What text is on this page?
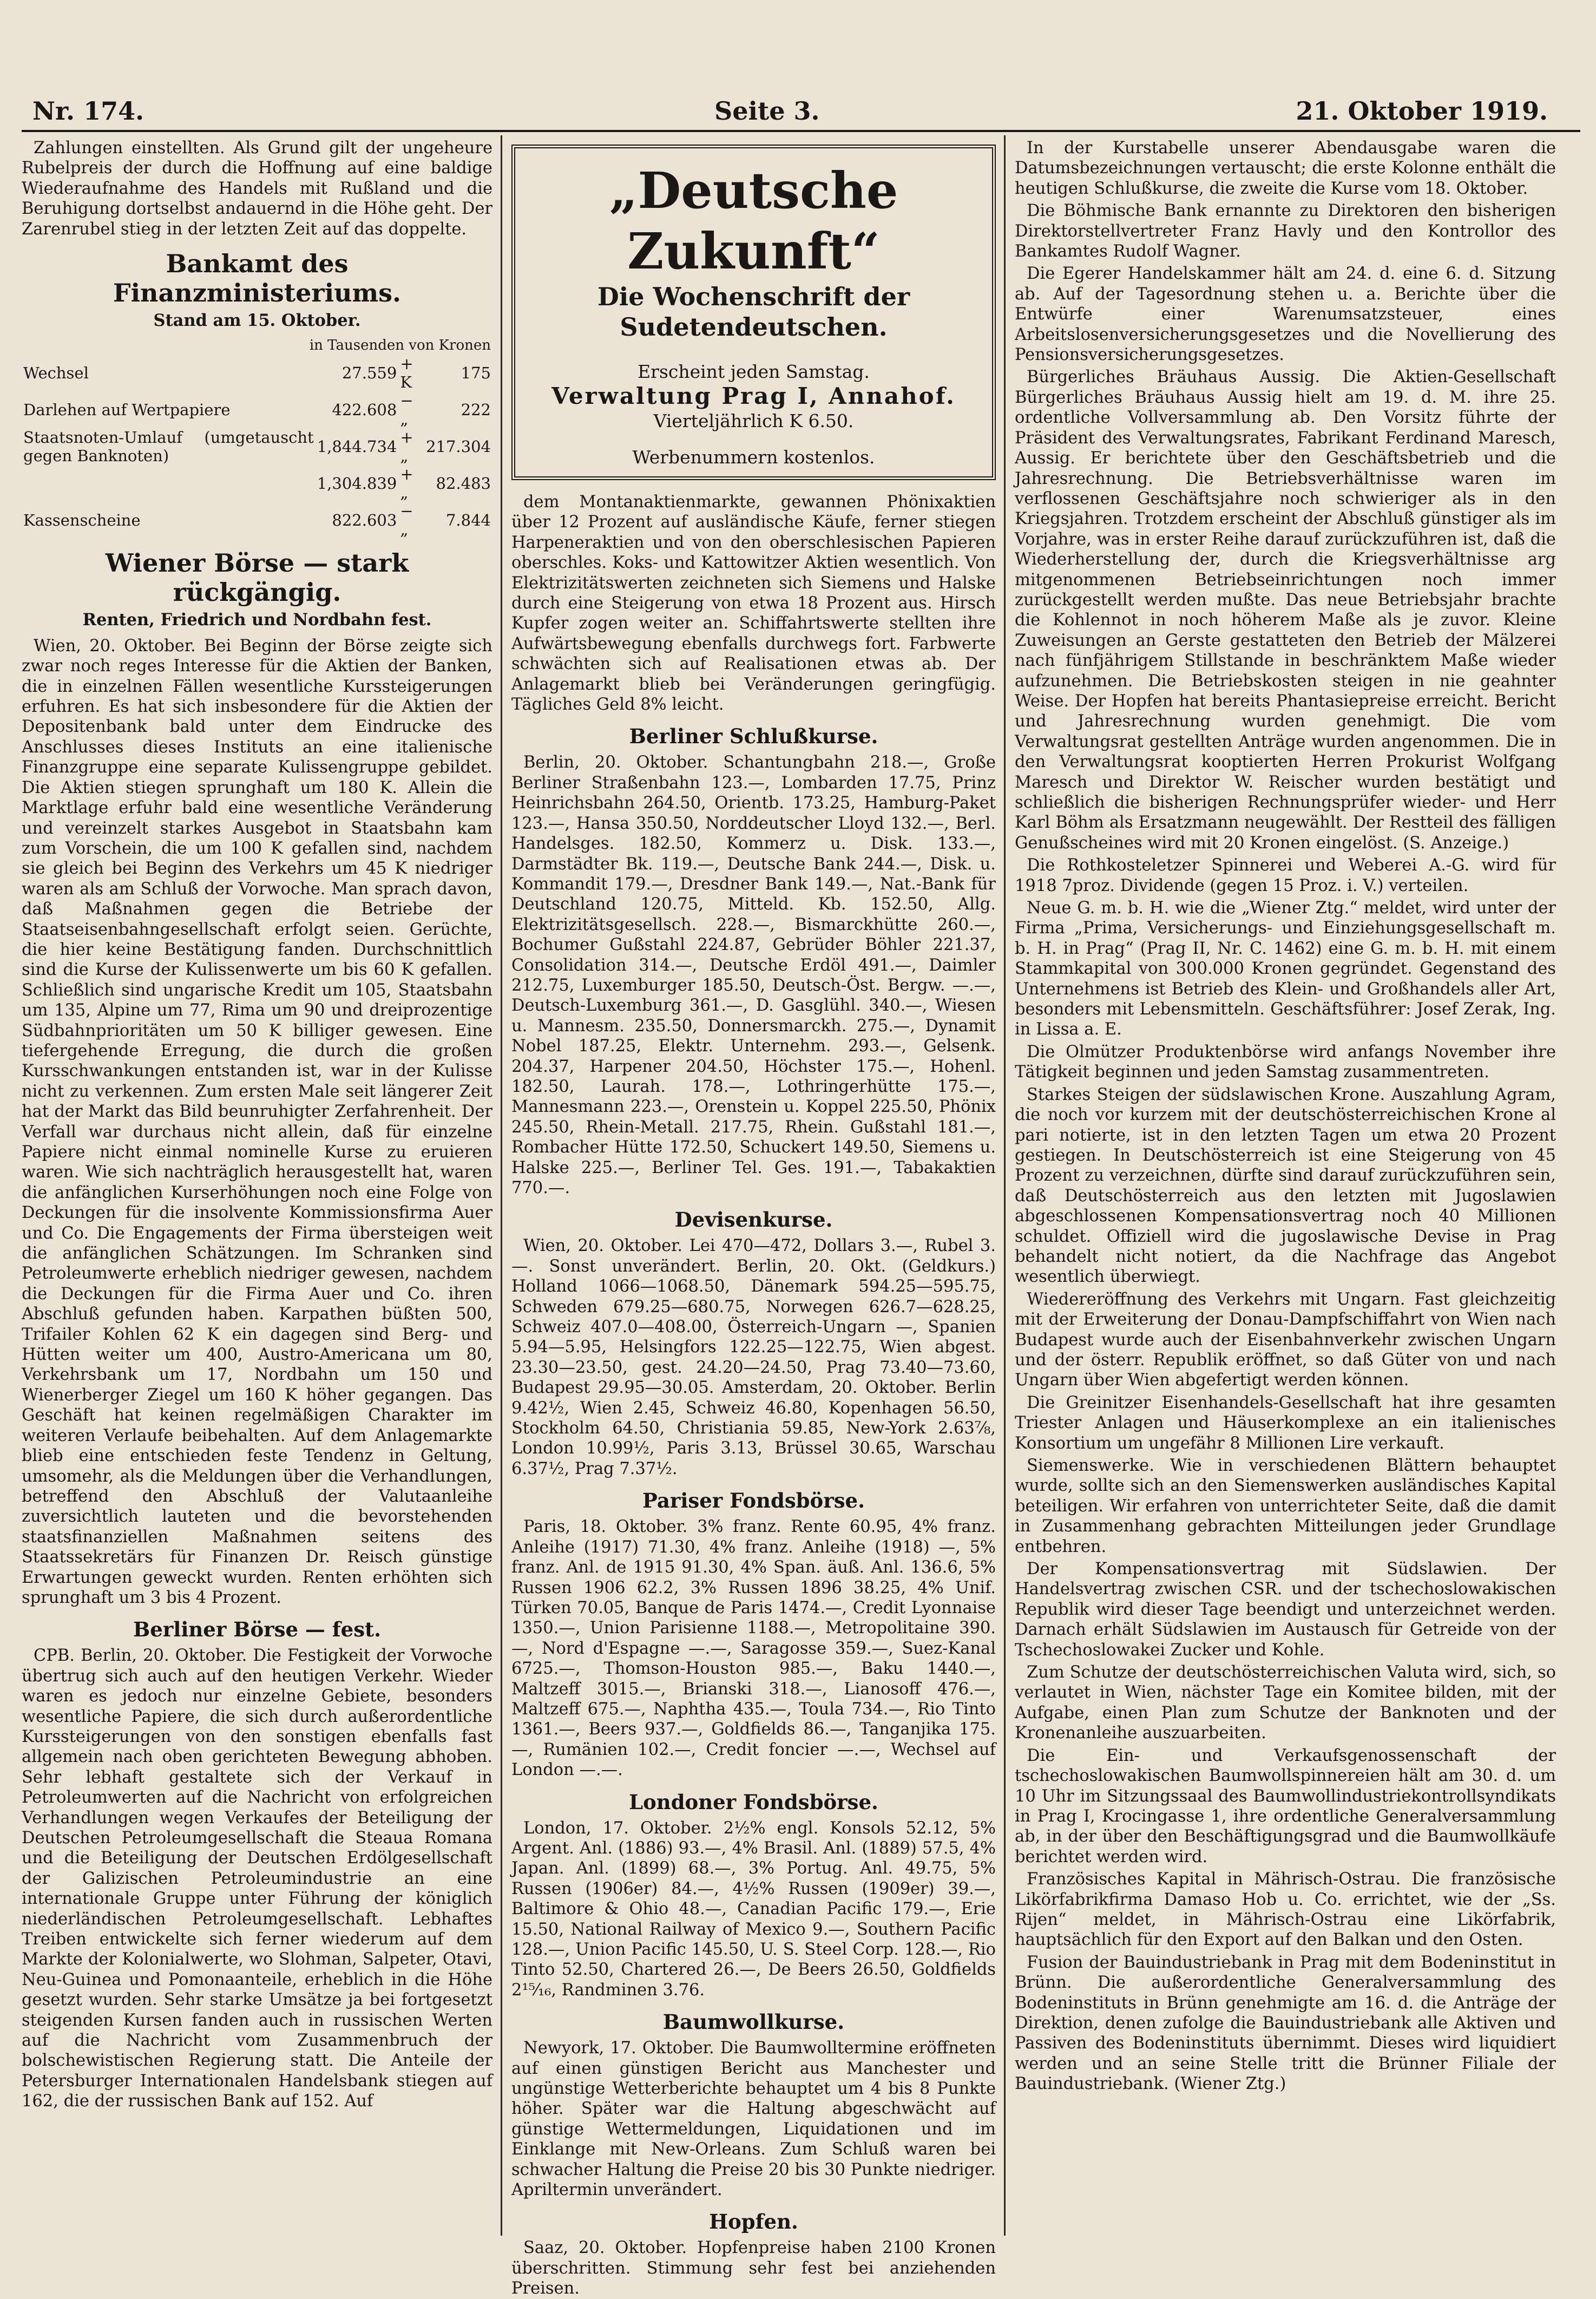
Nr. 174.	Seite 3.	21. Oktober 1919.

Zahlungen einstellten. Als Grund gilt der ungeheure Rubelpreis der durch die Hoffnung auf eine baldige Wiederaufnahme des Handels mit Rußland und die Beruhigung dortselbst andauernd in die Höhe geht. Der Zarenrubel stieg in der letzten Zeit auf das doppelte.

Bankamt des Finanzministeriums.
Stand am 15. Oktober.
in Tausenden von Kronen			
Wechsel	27.559	+ K	175
Darlehen auf Wertpapiere	422.608	− „	222
Staatsnoten-Umlauf (umgetauscht gegen Banknoten)	1,844.734	+ „	217.304
	1,304.839	+ „	82.483
Kassenscheine	822.603	− „	7.844
Wiener Börse — stark rückgängig.
Renten, Friedrich und Nordbahn fest.

Wien, 20. Oktober. Bei Beginn der Börse zeigte sich zwar noch reges Interesse für die Aktien der Banken, die in einzelnen Fällen wesentliche Kurssteigerungen erfuhren. Es hat sich insbesondere für die Aktien der Depositenbank bald unter dem Eindrucke des Anschlusses dieses Instituts an eine italienische Finanzgruppe eine separate Kulissengruppe gebildet. Die Aktien stiegen sprunghaft um 180 K. Allein die Marktlage erfuhr bald eine wesentliche Veränderung und vereinzelt starkes Ausgebot in Staatsbahn kam zum Vorschein, die um 100 K gefallen sind, nachdem sie gleich bei Beginn des Verkehrs um 45 K niedriger waren als am Schluß der Vorwoche. Man sprach davon, daß Maßnahmen gegen die Betriebe der Staatseisenbahngesellschaft erfolgt seien. Gerüchte, die hier keine Bestätigung fanden. Durchschnittlich sind die Kurse der Kulissenwerte um bis 60 K gefallen. Schließlich sind ungarische Kredit um 105, Staatsbahn um 135, Alpine um 77, Rima um 90 und dreiprozentige Südbahnprioritäten um 50 K billiger gewesen. Eine tiefergehende Erregung, die durch die großen Kursschwankungen entstanden ist, war in der Kulisse nicht zu verkennen. Zum ersten Male seit längerer Zeit hat der Markt das Bild beunruhigter Zerfahrenheit. Der Verfall war durchaus nicht allein, daß für einzelne Papiere nicht einmal nominelle Kurse zu eruieren waren. Wie sich nachträglich herausgestellt hat, waren die anfänglichen Kurserhöhungen noch eine Folge von Deckungen für die insolvente Kommissionsfirma Auer und Co. Die Engagements der Firma übersteigen weit die anfänglichen Schätzungen. Im Schranken sind Petroleumwerte erheblich niedriger gewesen, nachdem die Deckungen für die Firma Auer und Co. ihren Abschluß gefunden haben. Karpathen büßten 500, Trifailer Kohlen 62 K ein dagegen sind Berg- und Hütten weiter um 400, Austro-Americana um 80, Verkehrsbank um 17, Nordbahn um 150 und Wienerberger Ziegel um 160 K höher gegangen. Das Geschäft hat keinen regelmäßigen Charakter im weiteren Verlaufe beibehalten. Auf dem Anlagemarkte blieb eine entschieden feste Tendenz in Geltung, umsomehr, als die Meldungen über die Verhandlungen, betreffend den Abschluß der Valutaanleihe zuversichtlich lauteten und die bevorstehenden staatsfinanziellen Maßnahmen seitens des Staatssekretärs für Finanzen Dr. Reisch günstige Erwartungen geweckt wurden. Renten erhöhten sich sprunghaft um 3 bis 4 Prozent.

Berliner Börse — fest.

CPB. Berlin, 20. Oktober. Die Festigkeit der Vorwoche übertrug sich auch auf den heutigen Verkehr. Wieder waren es jedoch nur einzelne Gebiete, besonders wesentliche Papiere, die sich durch außerordentliche Kurssteigerungen von den sonstigen ebenfalls fast allgemein nach oben gerichteten Bewegung abhoben. Sehr lebhaft gestaltete sich der Verkauf in Petroleumwerten auf die Nachricht von erfolgreichen Verhandlungen wegen Verkaufes der Beteiligung der Deutschen Petroleumgesellschaft die Steaua Romana und die Beteiligung der Deutschen Erdölgesellschaft der Galizischen Petroleumindustrie an eine internationale Gruppe unter Führung der königlich niederländischen Petroleumgesellschaft. Lebhaftes Treiben entwickelte sich ferner wiederum auf dem Markte der Kolonialwerte, wo Slohman, Salpeter, Otavi, Neu-Guinea und Pomonaanteile, erheblich in die Höhe gesetzt wurden. Sehr starke Umsätze ja bei fortgesetzt steigenden Kursen fanden auch in russischen Werten auf die Nachricht vom Zusammenbruch der bolschewistischen Regierung statt. Die Anteile der Petersburger Internationalen Handelsbank stiegen auf 162, die der russischen Bank auf 152. Auf

„Deutsche Zukunft“
Die Wochenschrift der Sudetendeutschen.
Erscheint jeden Samstag.
Verwaltung Prag I, Annahof.
Vierteljährlich K 6.50.
Werbenummern kostenlos.

dem Montanaktienmarkte, gewannen Phönixaktien über 12 Prozent auf ausländische Käufe, ferner stiegen Harpeneraktien und von den oberschlesischen Papieren oberschles. Koks- und Kattowitzer Aktien wesentlich. Von Elektrizitätswerten zeichneten sich Siemens und Halske durch eine Steigerung von etwa 18 Prozent aus. Hirsch Kupfer zogen weiter an. Schiffahrtswerte stellten ihre Aufwärtsbewegung ebenfalls durchwegs fort. Farbwerte schwächten sich auf Realisationen etwas ab. Der Anlagemarkt blieb bei Veränderungen geringfügig. Tägliches Geld 8% leicht.

Berliner Schlußkurse.

Berlin, 20. Oktober. Schantungbahn 218.—, Große Berliner Straßenbahn 123.—, Lombarden 17.75, Prinz Heinrichsbahn 264.50, Orientb. 173.25, Hamburg-Paket 123.—, Hansa 350.50, Norddeutscher Lloyd 132.—, Berl. Handelsges. 182.50, Kommerz u. Disk. 133.—, Darmstädter Bk. 119.—, Deutsche Bank 244.—, Disk. u. Kommandit 179.—, Dresdner Bank 149.—, Nat.-Bank für Deutschland 120.75, Mitteld. Kb. 152.50, Allg. Elektrizitätsgesellsch. 228.—, Bismarckhütte 260.—, Bochumer Gußstahl 224.87, Gebrüder Böhler 221.37, Consolidation 314.—, Deutsche Erdöl 491.—, Daimler 212.75, Luxemburger 185.50, Deutsch-Öst. Bergw. —.—, Deutsch-Luxemburg 361.—, D. Gasglühl. 340.—, Wiesen u. Mannesm. 235.50, Donnersmarckh. 275.—, Dynamit Nobel 187.25, Elektr. Unternehm. 293.—, Gelsenk. 204.37, Harpener 204.50, Höchster 175.—, Hohenl. 182.50, Laurah. 178.—, Lothringerhütte 175.—, Mannesmann 223.—, Orenstein u. Koppel 225.50, Phönix 245.50, Rhein-Metall. 217.75, Rhein. Gußstahl 181.—, Rombacher Hütte 172.50, Schuckert 149.50, Siemens u. Halske 225.—, Berliner Tel. Ges. 191.—, Tabakaktien 770.—.

Devisenkurse.

Wien, 20. Oktober. Lei 470—472, Dollars 3.—, Rubel 3.—. Sonst unverändert. Berlin, 20. Okt. (Geldkurs.) Holland 1066—1068.50, Dänemark 594.25—595.75, Schweden 679.25—680.75, Norwegen 626.7—628.25, Schweiz 407.0—408.00, Österreich-Ungarn —, Spanien 5.94—5.95, Helsingfors 122.25—122.75, Wien abgest. 23.30—23.50, gest. 24.20—24.50, Prag 73.40—73.60, Budapest 29.95—30.05. Amsterdam, 20. Oktober. Berlin 9.42½, Wien 2.45, Schweiz 46.80, Kopenhagen 56.50, Stockholm 64.50, Christiania 59.85, New-York 2.63⅞, London 10.99½, Paris 3.13, Brüssel 30.65, Warschau 6.37½, Prag 7.37½.

Pariser Fondsbörse.

Paris, 18. Oktober. 3% franz. Rente 60.95, 4% franz. Anleihe (1917) 71.30, 4% franz. Anleihe (1918) —, 5% franz. Anl. de 1915 91.30, 4% Span. äuß. Anl. 136.6, 5% Russen 1906 62.2, 3% Russen 1896 38.25, 4% Unif. Türken 70.05, Banque de Paris 1474.—, Credit Lyonnaise 1350.—, Union Parisienne 1188.—, Metropolitaine 390.—, Nord d'Espagne —.—, Saragosse 359.—, Suez-Kanal 6725.—, Thomson-Houston 985.—, Baku 1440.—, Maltzeff 3015.—, Brianski 318.—, Lianosoff 476.—, Maltzeff 675.—, Naphtha 435.—, Toula 734.—, Rio Tinto 1361.—, Beers 937.—, Goldfields 86.—, Tanganjika 175.—, Rumänien 102.—, Credit foncier —.—, Wechsel auf London —.—.

Londoner Fondsbörse.

London, 17. Oktober. 2½% engl. Konsols 52.12, 5% Argent. Anl. (1886) 93.—, 4% Brasil. Anl. (1889) 57.5, 4% Japan. Anl. (1899) 68.—, 3% Portug. Anl. 49.75, 5% Russen (1906er) 84.—, 4½% Russen (1909er) 39.—, Baltimore & Ohio 48.—, Canadian Pacific 179.—, Erie 15.50, National Railway of Mexico 9.—, Southern Pacific 128.—, Union Pacific 145.50, U. S. Steel Corp. 128.—, Rio Tinto 52.50, Chartered 26.—, De Beers 26.50, Goldfields 2¹⁵⁄₁₆, Randminen 3.76.

Baumwollkurse.

Newyork, 17. Oktober. Die Baumwolltermine eröffneten auf einen günstigen Bericht aus Manchester und ungünstige Wetterberichte behauptet um 4 bis 8 Punkte höher. Später war die Haltung abgeschwächt auf günstige Wettermeldungen, Liquidationen und im Einklange mit New-Orleans. Zum Schluß waren bei schwacher Haltung die Preise 20 bis 30 Punkte niedriger. Apriltermin unverändert.

Hopfen.

Saaz, 20. Oktober. Hopfenpreise haben 2100 Kronen überschritten. Stimmung sehr fest bei anziehenden Preisen.

In der Kurstabelle unserer Abendausgabe waren die Datumsbezeichnungen vertauscht; die erste Kolonne enthält die heutigen Schlußkurse, die zweite die Kurse vom 18. Oktober.

Die Böhmische Bank ernannte zu Direktoren den bisherigen Direktorstellvertreter Franz Havly und den Kontrollor des Bankamtes Rudolf Wagner.

Die Egerer Handelskammer hält am 24. d. eine 6. d. Sitzung ab. Auf der Tagesordnung stehen u. a. Berichte über die Entwürfe einer Warenumsatzsteuer, eines Arbeitslosenversicherungsgesetzes und die Novellierung des Pensionsversicherungsgesetzes.

Bürgerliches Bräuhaus Aussig. Die Aktien-Gesellschaft Bürgerliches Bräuhaus Aussig hielt am 19. d. M. ihre 25. ordentliche Vollversammlung ab. Den Vorsitz führte der Präsident des Verwaltungsrates, Fabrikant Ferdinand Maresch, Aussig. Er berichtete über den Geschäftsbetrieb und die Jahresrechnung. Die Betriebsverhältnisse waren im verflossenen Geschäftsjahre noch schwieriger als in den Kriegsjahren. Trotzdem erscheint der Abschluß günstiger als im Vorjahre, was in erster Reihe darauf zurückzuführen ist, daß die Wiederherstellung der, durch die Kriegsverhältnisse arg mitgenommenen Betriebseinrichtungen noch immer zurückgestellt werden mußte. Das neue Betriebsjahr brachte die Kohlennot in noch höherem Maße als je zuvor. Kleine Zuweisungen an Gerste gestatteten den Betrieb der Mälzerei nach fünfjährigem Stillstande in beschränktem Maße wieder aufzunehmen. Die Betriebskosten steigen in nie geahnter Weise. Der Hopfen hat bereits Phantasiepreise erreicht. Bericht und Jahresrechnung wurden genehmigt. Die vom Verwaltungsrat gestellten Anträge wurden angenommen. Die in den Verwaltungsrat kooptierten Herren Prokurist Wolfgang Maresch und Direktor W. Reischer wurden bestätigt und schließlich die bisherigen Rechnungsprüfer wieder- und Herr Karl Böhm als Ersatzmann neugewählt. Der Restteil des fälligen Genußscheines wird mit 20 Kronen eingelöst. (S. Anzeige.)

Die Rothkosteletzer Spinnerei und Weberei A.-G. wird für 1918 7proz. Dividende (gegen 15 Proz. i. V.) verteilen.

Neue G. m. b. H. wie die „Wiener Ztg.“ meldet, wird unter der Firma „Prima, Versicherungs- und Einziehungsgesellschaft m. b. H. in Prag“ (Prag II, Nr. C. 1462) eine G. m. b. H. mit einem Stammkapital von 300.000 Kronen gegründet. Gegenstand des Unternehmens ist Betrieb des Klein- und Großhandels aller Art, besonders mit Lebensmitteln. Geschäftsführer: Josef Zerak, Ing. in Lissa a. E.

Die Olmützer Produktenbörse wird anfangs November ihre Tätigkeit beginnen und jeden Samstag zusammentreten.

Starkes Steigen der südslawischen Krone. Auszahlung Agram, die noch vor kurzem mit der deutschösterreichischen Krone al pari notierte, ist in den letzten Tagen um etwa 20 Prozent gestiegen. In Deutschösterreich ist eine Steigerung von 45 Prozent zu verzeichnen, dürfte sind darauf zurückzuführen sein, daß Deutschösterreich aus den letzten mit Jugoslawien abgeschlossenen Kompensationsvertrag noch 40 Millionen schuldet. Offiziell wird die jugoslawische Devise in Prag behandelt nicht notiert, da die Nachfrage das Angebot wesentlich überwiegt.

Wiedereröffnung des Verkehrs mit Ungarn. Fast gleichzeitig mit der Erweiterung der Donau-Dampfschiffahrt von Wien nach Budapest wurde auch der Eisenbahnverkehr zwischen Ungarn und der österr. Republik eröffnet, so daß Güter von und nach Ungarn über Wien abgefertigt werden können.

Die Greinitzer Eisenhandels-Gesellschaft hat ihre gesamten Triester Anlagen und Häuserkomplexe an ein italienisches Konsortium um ungefähr 8 Millionen Lire verkauft.

Siemenswerke. Wie in verschiedenen Blättern behauptet wurde, sollte sich an den Siemenswerken ausländisches Kapital beteiligen. Wir erfahren von unterrichteter Seite, daß die damit in Zusammenhang gebrachten Mitteilungen jeder Grundlage entbehren.

Der Kompensationsvertrag mit Südslawien. Der Handelsvertrag zwischen CSR. und der tschechoslowakischen Republik wird dieser Tage beendigt und unterzeichnet werden. Darnach erhält Südslawien im Austausch für Getreide von der Tschechoslowakei Zucker und Kohle.

Zum Schutze der deutschösterreichischen Valuta wird, sich, so verlautet in Wien, nächster Tage ein Komitee bilden, mit der Aufgabe, einen Plan zum Schutze der Banknoten und der Kronenanleihe auszuarbeiten.

Die Ein- und Verkaufsgenossenschaft der tschechoslowakischen Baumwollspinnereien hält am 30. d. um 10 Uhr im Sitzungssaal des Baumwollindustriekontrollsyndikats in Prag I, Krocingasse 1, ihre ordentliche Generalversammlung ab, in der über den Beschäftigungsgrad und die Baumwollkäufe berichtet werden wird.

Französisches Kapital in Mährisch-Ostrau. Die französische Likörfabrikfirma Damaso Hob u. Co. errichtet, wie der „Ss. Rijen“ meldet, in Mährisch-Ostrau eine Likörfabrik, hauptsächlich für den Export auf den Balkan und den Osten.

Fusion der Bauindustriebank in Prag mit dem Bodeninstitut in Brünn. Die außerordentliche Generalversammlung des Bodeninstituts in Brünn genehmigte am 16. d. die Anträge der Direktion, denen zufolge die Bauindustriebank alle Aktiven und Passiven des Bodeninstituts übernimmt. Dieses wird liquidiert werden und an seine Stelle tritt die Brünner Filiale der Bauindustriebank. (Wiener Ztg.)
